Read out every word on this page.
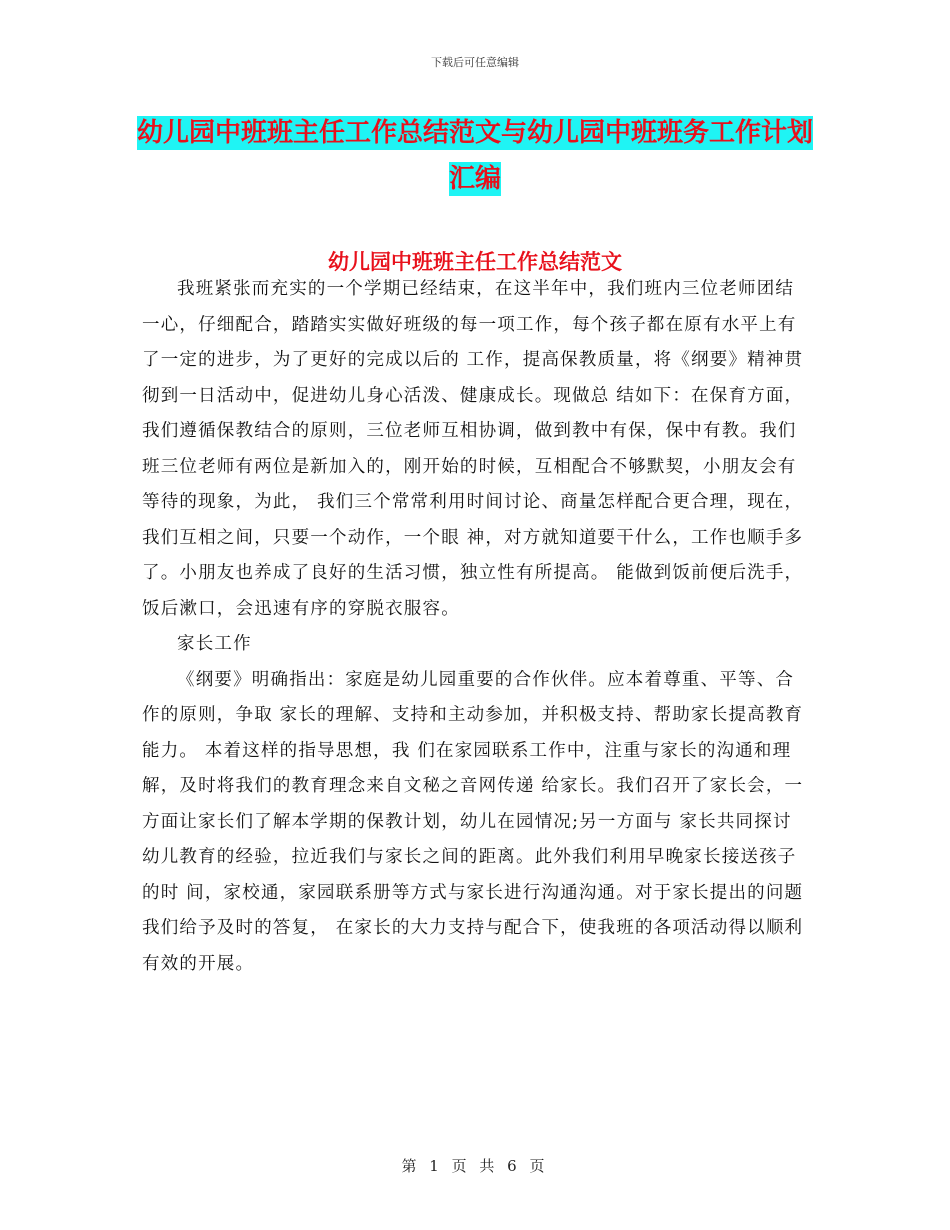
下载后可任意编辑
幼儿园中班班主任工作总结范文与幼儿园中班班务工作计划汇编
幼儿园中班班主任工作总结范文

我班紧张而充实的一个学期已经结束，在这半年中，我们班内三位老师团结一心，仔细配合，踏踏实实做好班级的每一项工作，每个孩子都在原有水平上有了一定的进步，为了更好的完成以后的 工作，提高保教质量，将《纲要》精神贯彻到一日活动中，促进幼儿身心活泼、健康成长。现做总 结如下：在保育方面，我们遵循保教结合的原则，三位老师互相协调，做到教中有保，保中有教。我们 班三位老师有两位是新加入的，刚开始的时候，互相配合不够默契，小朋友会有等待的现象，为此， 我们三个常常利用时间讨论、商量怎样配合更合理，现在，我们互相之间，只要一个动作，一个眼 神，对方就知道要干什么，工作也顺手多了。小朋友也养成了良好的生活习惯，独立性有所提高。 能做到饭前便后洗手，饭后漱口，会迅速有序的穿脱衣服容。

家长工作

《纲要》明确指出：家庭是幼儿园重要的合作伙伴。应本着尊重、平等、合作的原则，争取 家长的理解、支持和主动参加，并积极支持、帮助家长提高教育能力。 本着这样的指导思想，我 们在家园联系工作中，注重与家长的沟通和理解，及时将我们的教育理念来自文秘之音网传递 给家长。我们召开了家长会，一方面让家长们了解本学期的保教计划，幼儿在园情况;另一方面与 家长共同探讨幼儿教育的经验，拉近我们与家长之间的距离。此外我们利用早晚家长接送孩子的时 间，家校通，家园联系册等方式与家长进行沟通沟通。对于家长提出的问题我们给予及时的答复， 在家长的大力支持与配合下，使我班的各项活动得以顺利有效的开展。

第 1 页 共 6 页
